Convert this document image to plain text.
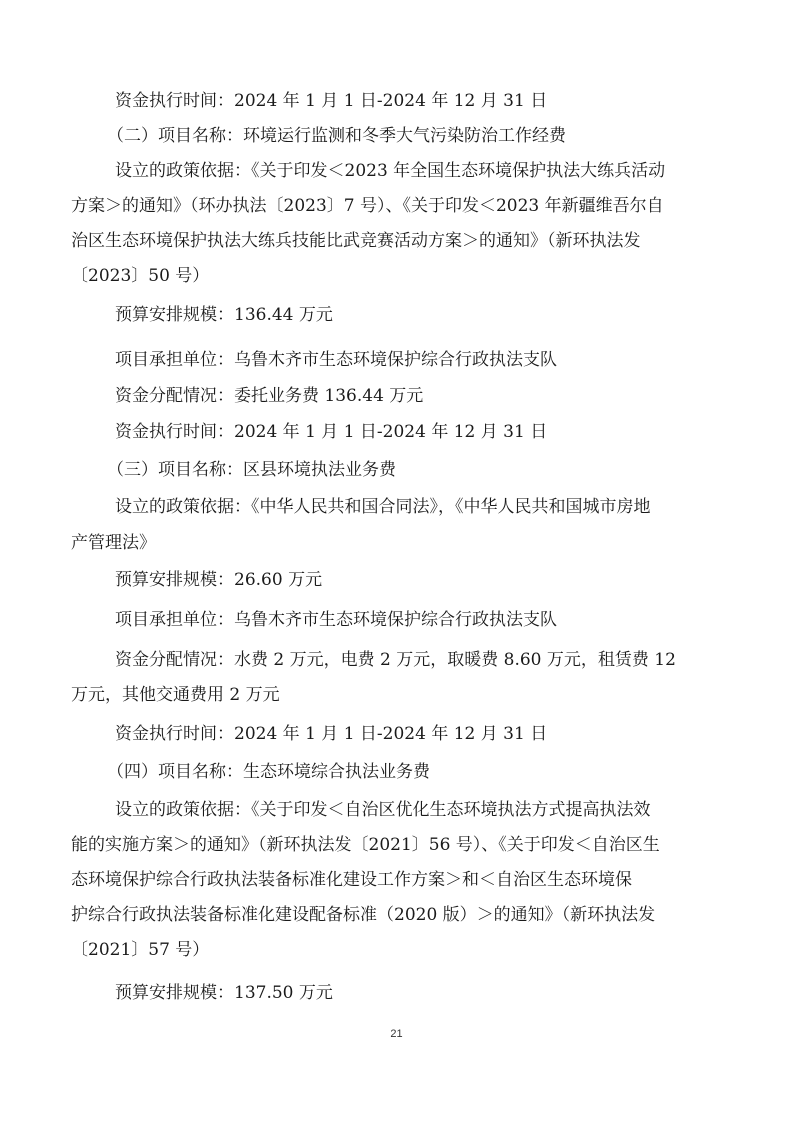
资金执行时间：2024 年 1 月 1 日-2024 年 12 月 31 日
（二）项目名称：环境运行监测和冬季大气污染防治工作经费
设立的政策依据：《关于印发＜2023 年全国生态环境保护执法大练兵活动
方案＞的通知》（环办执法〔2023〕7 号）、《关于印发＜2023 年新疆维吾尔自
治区生态环境保护执法大练兵技能比武竞赛活动方案＞的通知》（新环执法发
〔2023〕50 号）
预算安排规模：136.44 万元
项目承担单位：乌鲁木齐市生态环境保护综合行政执法支队
资金分配情况：委托业务费 136.44 万元
资金执行时间：2024 年 1 月 1 日-2024 年 12 月 31 日
（三）项目名称：区县环境执法业务费
设立的政策依据：《中华人民共和国合同法》，《中华人民共和国城市房地
产管理法》
预算安排规模：26.60 万元
项目承担单位：乌鲁木齐市生态环境保护综合行政执法支队
资金分配情况：水费 2 万元，电费 2 万元，取暖费 8.60 万元，租赁费 12
万元，其他交通费用 2 万元
资金执行时间：2024 年 1 月 1 日-2024 年 12 月 31 日
（四）项目名称：生态环境综合执法业务费
设立的政策依据：《关于印发＜自治区优化生态环境执法方式提高执法效
能的实施方案＞的通知》（新环执法发〔2021〕56 号）、《关于印发＜自治区生
态环境保护综合行政执法装备标准化建设工作方案＞和＜自治区生态环境保
护综合行政执法装备标准化建设配备标准（2020 版）＞的通知》（新环执法发
〔2021〕57 号）
预算安排规模：137.50 万元
21
